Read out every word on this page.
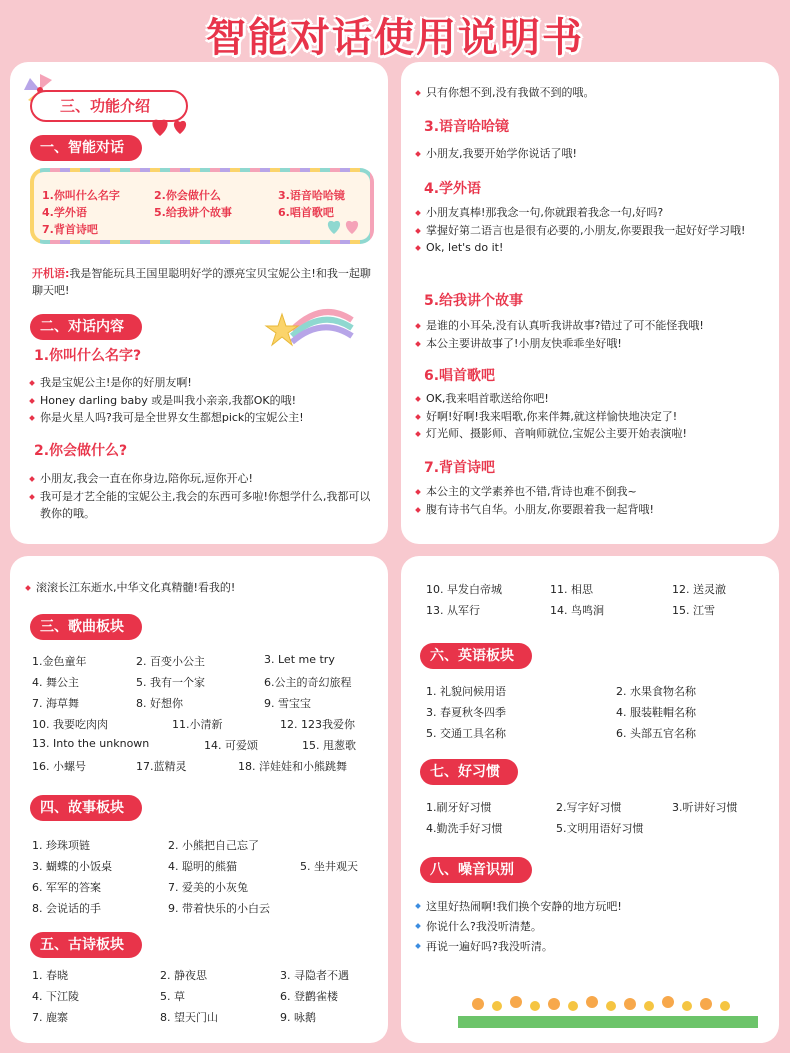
智能对话使用说明书
三、功能介绍
一、智能对话
1.你叫什么名字	2.你会做什么	3.语音哈哈镜
4.学外语	5.给我讲个故事	6.唱首歌吧
7.背首诗吧
开机语:我是智能玩具王国里聪明好学的漂亮宝贝宝妮公主!和我一起聊聊天吧!
二、对话内容
1.你叫什么名字?
我是宝妮公主!是你的好朋友啊!
Honey darling baby 或是叫我小亲亲,我都OK的哦!
你是火星人吗?我可是全世界女生都想pick的宝妮公主!
2.你会做什么?
小朋友,我会一直在你身边,陪你玩,逗你开心!
我可是才艺全能的宝妮公主,我会的东西可多啦!你想学什么,我都可以教你的哦。
只有你想不到,没有我做不到的哦。
3.语音哈哈镜
小朋友,我要开始学你说话了哦!
4.学外语
小朋友真棒!那我念一句,你就跟着我念一句,好吗?
掌握好第二语言也是很有必要的,小朋友,你要跟我一起好好学习哦!
Ok, let's do it!
5.给我讲个故事
是谁的小耳朵,没有认真听我讲故事?错过了可不能怪我哦!
本公主要讲故事了!小朋友快乖乖坐好哦!
6.唱首歌吧
OK,我来唱首歌送给你吧!
好啊!好啊!我来唱歌,你来伴舞,就这样愉快地决定了!
灯光师、摄影师、音响师就位,宝妮公主要开始表演啦!
7.背首诗吧
本公主的文学素养也不错,背诗也难不倒我~
腹有诗书气自华。小朋友,你要跟着我一起背哦!
滚滚长江东逝水,中华文化真精髓!看我的!
三、歌曲板块
1.金色童年	2. 百变小公主	3. Let me try
4. 舞公主	5. 我有一个家	6.公主的奇幻旅程
7. 海草舞	8. 好想你	9. 雪宝宝
10. 我要吃肉肉	11.小清新	12. 123我爱你
13. Into the unknown	14. 可爱颂	15. 甩葱歌
16. 小螺号	17.蓝精灵	18. 洋娃娃和小熊跳舞
四、故事板块
1. 珍珠项链	2. 小熊把自己忘了
3. 蝴蝶的小饭桌	4. 聪明的熊猫	5. 坐井观天
6. 军军的答案	7. 爱美的小灰兔
8. 会说话的手	9. 带着快乐的小白云
五、古诗板块
1. 春晓	2. 静夜思	3. 寻隐者不遇
4. 下江陵	5. 草	6. 登鹳雀楼
7. 鹿寨	8. 望天门山	9. 咏鹅
10. 早发白帝城	11. 相思	12. 送灵澈
13. 从军行	14. 鸟鸣涧	15. 江雪
六、英语板块
1. 礼貌问候用语	2. 水果食物名称
3. 春夏秋冬四季	4. 服装鞋帽名称
5. 交通工具名称	6. 头部五官名称
七、好习惯
1.刷牙好习惯	2.写字好习惯	3.听讲好习惯
4.勤洗手好习惯	5.文明用语好习惯
八、噪音识别
这里好热闹啊!我们换个安静的地方玩吧!
你说什么?我没听清楚。
再说一遍好吗?我没听清。
